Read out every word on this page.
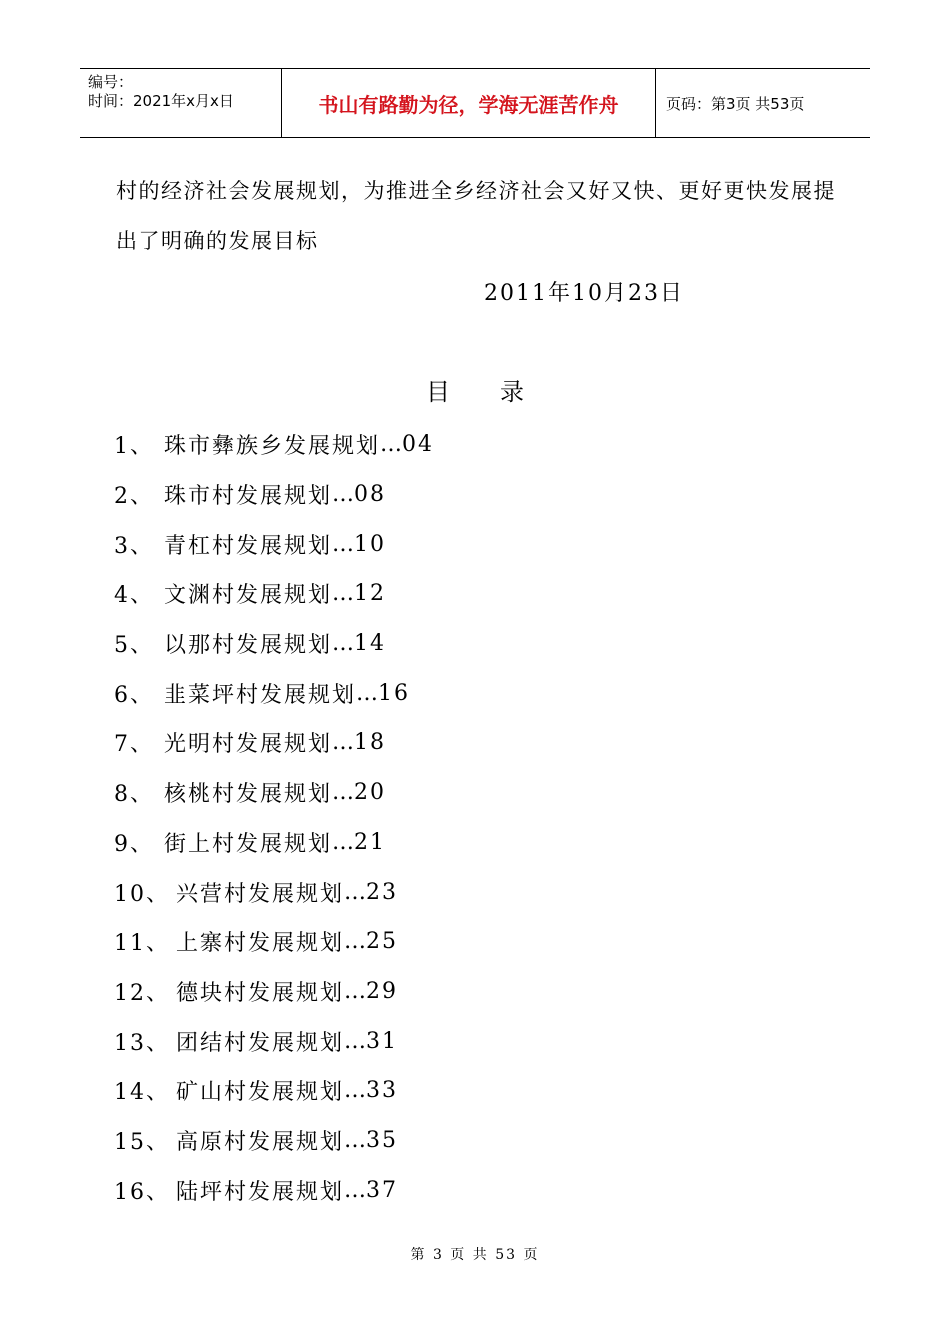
编号：
时间：2021年x月x日	书山有路勤为径，学海无涯苦作舟	页码：第3页 共53页
村的经济社会发展规划，为推进全乡经济社会又好又快、更好更快发展提
出了明确的发展目标
2011年10月23日
目录
1、 珠市彝族乡发展规划 … 04
2、 珠市村发展规划 … 08
3、 青杠村发展规划 … 10
4、 文渊村发展规划 … 12
5、 以那村发展规划 … 14
6、 韭菜坪村发展规划 … 16
7、 光明村发展规划 … 18
8、 核桃村发展规划 … 20
9、 街上村发展规划 … 21
10、 兴营村发展规划 … 23
11、 上寨村发展规划 … 25
12、 德块村发展规划 … 29
13、 团结村发展规划 … 31
14、 矿山村发展规划 … 33
15、 高原村发展规划 … 35
16、 陆坪村发展规划 … 37
第 3 页 共 53 页
